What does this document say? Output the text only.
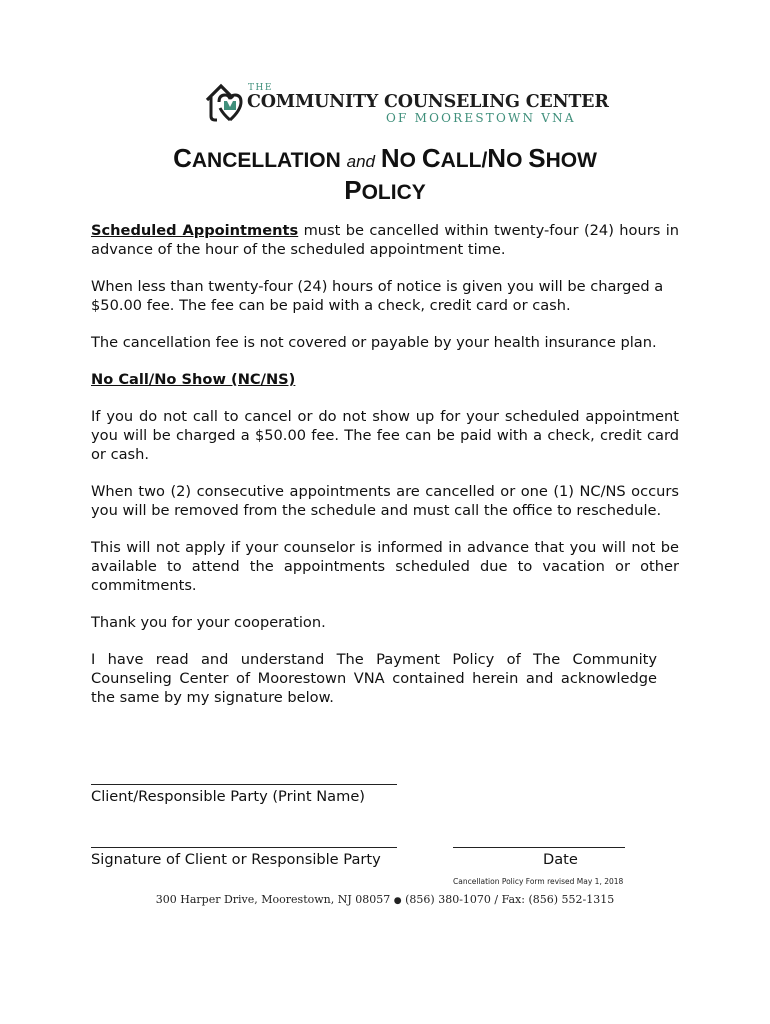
THE
COMMUNITY COUNSELING CENTER
OF MOORESTOWN VNA
CANCELLATION and NO CALL/NO SHOW
POLICY

Scheduled Appointments must be cancelled within twenty-four (24) hours in advance of the hour of the scheduled appointment time.

When less than twenty-four (24) hours of notice is given you will be charged a $50.00 fee. The fee can be paid with a check, credit card or cash.

The cancellation fee is not covered or payable by your health insurance plan.

No Call/No Show (NC/NS)

If you do not call to cancel or do not show up for your scheduled appointment you will be charged a $50.00 fee. The fee can be paid with a check, credit card or cash.

When two (2) consecutive appointments are cancelled or one (1) NC/NS occurs you will be removed from the schedule and must call the office to reschedule.

This will not apply if your counselor is informed in advance that you will not be available to attend the appointments scheduled due to vacation or other commitments.

Thank you for your cooperation.

I have read and understand The Payment Policy of The Community Counseling Center of Moorestown VNA contained herein and acknowledge the same by my signature below.

Client/Responsible Party (Print Name)
Signature of Client or Responsible Party	Date
Cancellation Policy Form revised May 1, 2018
300 Harper Drive, Moorestown, NJ 08057 ● (856) 380-1070 / Fax: (856) 552-1315
